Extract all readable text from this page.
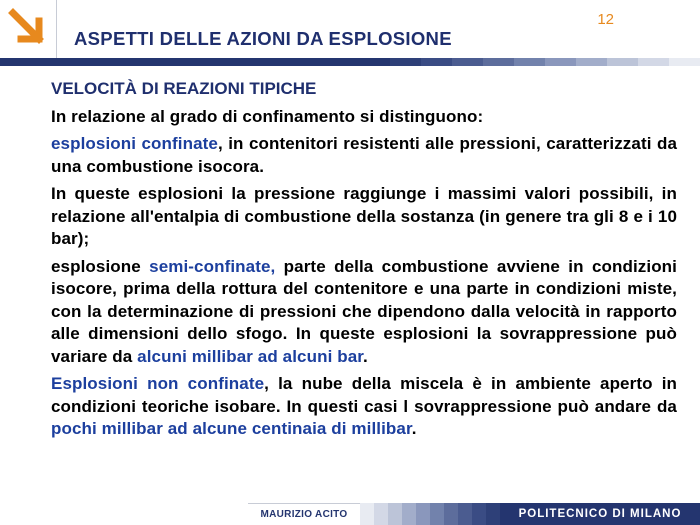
12
ASPETTI DELLE AZIONI DA ESPLOSIONE
VELOCITÀ DI REAZIONI TIPICHE
In relazione al grado di confinamento si distinguono:
esplosioni confinate, in contenitori resistenti alle pressioni, caratterizzati da una combustione isocora.
In queste esplosioni la pressione raggiunge i massimi valori possibili, in relazione all'entalpia di combustione della sostanza (in genere tra gli 8 e i 10 bar);
esplosione semi-confinate, parte della combustione avviene in condizioni isocore, prima della rottura del contenitore e una parte in condizioni miste, con la determinazione di pressioni che dipendono dalla velocità in rapporto alle dimensioni dello sfogo. In queste esplosioni la sovrappressione può variare da alcuni millibar ad alcuni bar.
Esplosioni non confinate, la nube della miscela è in ambiente aperto in condizioni teoriche isobare. In questi casi l sovrappressione può andare da pochi millibar ad alcune centinaia di millibar.
MAURIZIO ACITO	POLITECNICO DI MILANO
